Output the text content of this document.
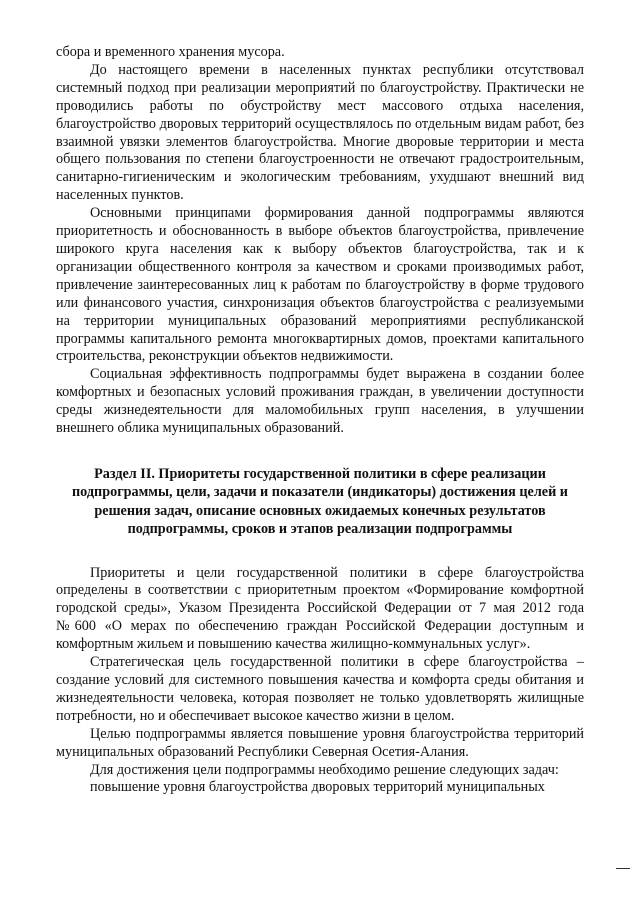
сбора и временного хранения мусора.

До настоящего времени в населенных пунктах республики отсутствовал системный подход при реализации мероприятий по благоустройству. Практически не проводились работы по обустройству мест массового отдыха населения, благоустройство дворовых территорий осуществлялось по отдельным видам работ, без взаимной увязки элементов благоустройства. Многие дворовые территории и места общего пользования по степени благоустроенности не отвечают градостроительным, санитарно-гигиеническим и экологическим требованиям, ухудшают внешний вид населенных пунктов.

Основными принципами формирования данной подпрограммы являются приоритетность и обоснованность в выборе объектов благоустройства, привлечение широкого круга населения как к выбору объектов благоустройства, так и к организации общественного контроля за качеством и сроками производимых работ, привлечение заинтересованных лиц к работам по благоустройству в форме трудового или финансового участия, синхронизация объектов благоустройства с реализуемыми на территории муниципальных образований мероприятиями республиканской программы капитального ремонта многоквартирных домов, проектами капитального строительства, реконструкции объектов недвижимости.

Социальная эффективность подпрограммы будет выражена в создании более комфортных и безопасных условий проживания граждан, в увеличении доступности среды жизнедеятельности для маломобильных групп населения, в улучшении внешнего облика муниципальных образований.

Раздел II. Приоритеты государственной политики в сфере реализации
подпрограммы, цели, задачи и показатели (индикаторы) достижения целей и
решения задач, описание основных ожидаемых конечных результатов
подпрограммы, сроков и этапов реализации подпрограммы

Приоритеты и цели государственной политики в сфере благоустройства определены в соответствии с приоритетным проектом «Формирование комфортной городской среды», Указом Президента Российской Федерации от 7 мая 2012 года №600 «О мерах по обеспечению граждан Российской Федерации доступным и комфортным жильем и повышению качества жилищно-коммунальных услуг».

Стратегическая цель государственной политики в сфере благоустройства – создание условий для системного повышения качества и комфорта среды обитания и жизнедеятельности человека, которая позволяет не только удовлетворять жилищные потребности, но и обеспечивает высокое качество жизни в целом.

Целью подпрограммы является повышение уровня благоустройства территорий муниципальных образований Республики Северная Осетия-Алания.

Для достижения цели подпрограммы необходимо решение следующих задач:

повышение уровня благоустройства дворовых территорий муниципальных
